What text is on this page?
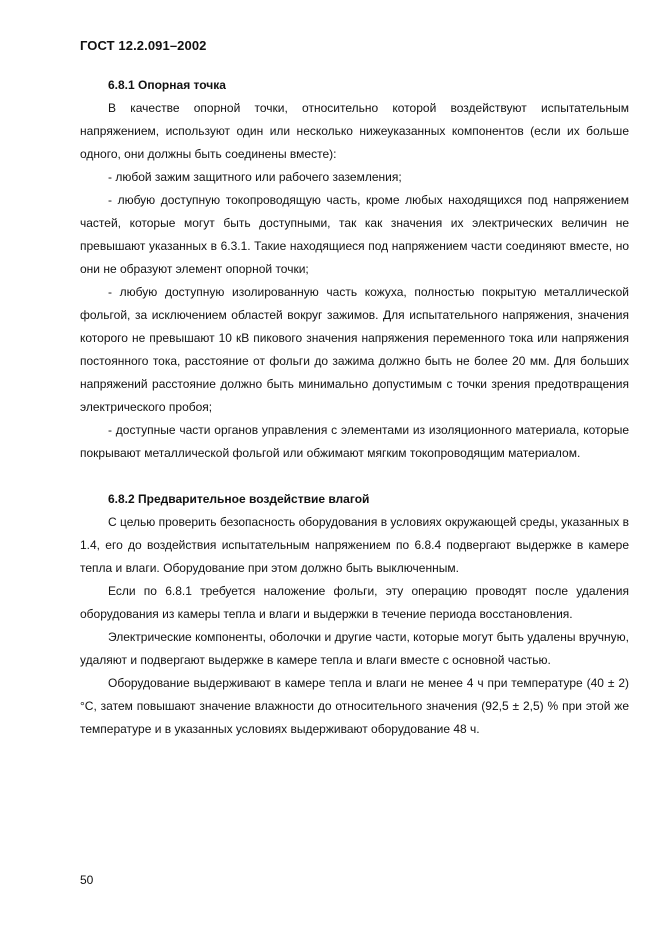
ГОСТ 12.2.091–2002

6.8.1 Опорная точка

В качестве опорной точки, относительно которой воздействуют испытательным напряжением, используют один или несколько нижеуказанных компонентов (если их больше одного, они должны быть соединены вместе):

- любой зажим защитного или рабочего заземления;

- любую доступную токопроводящую часть, кроме любых находящихся под напряжением частей, которые могут быть доступными, так как значения их электрических величин не превышают указанных в 6.3.1. Такие находящиеся под напряжением части соединяют вместе, но они не образуют элемент опорной точки;

- любую доступную изолированную часть кожуха, полностью покрытую металлической фольгой, за исключением областей вокруг зажимов. Для испытательного напряжения, значения которого не превышают 10 кВ пикового значения напряжения переменного тока или напряжения постоянного тока, расстояние от фольги до зажима должно быть не более 20 мм. Для больших напряжений расстояние должно быть минимально допустимым с точки зрения предотвращения электрического пробоя;

- доступные части органов управления с элементами из изоляционного материала, которые покрывают металлической фольгой или обжимают мягким токопроводящим материалом.

6.8.2 Предварительное воздействие влагой

С целью проверить безопасность оборудования в условиях окружающей среды, указанных в 1.4, его до воздействия испытательным напряжением по 6.8.4 подвергают выдержке в камере тепла и влаги. Оборудование при этом должно быть выключенным.

Если по 6.8.1 требуется наложение фольги, эту операцию проводят после удаления оборудования из камеры тепла и влаги и выдержки в течение периода восстановления.

Электрические компоненты, оболочки и другие части, которые могут быть удалены вручную, удаляют и подвергают выдержке в камере тепла и влаги вместе с основной частью.

Оборудование выдерживают в камере тепла и влаги не менее 4 ч при температуре (40 ± 2) °С, затем повышают значение влажности до относительного значения (92,5 ± 2,5) % при этой же температуре и в указанных условиях выдерживают оборудование 48 ч.

50
